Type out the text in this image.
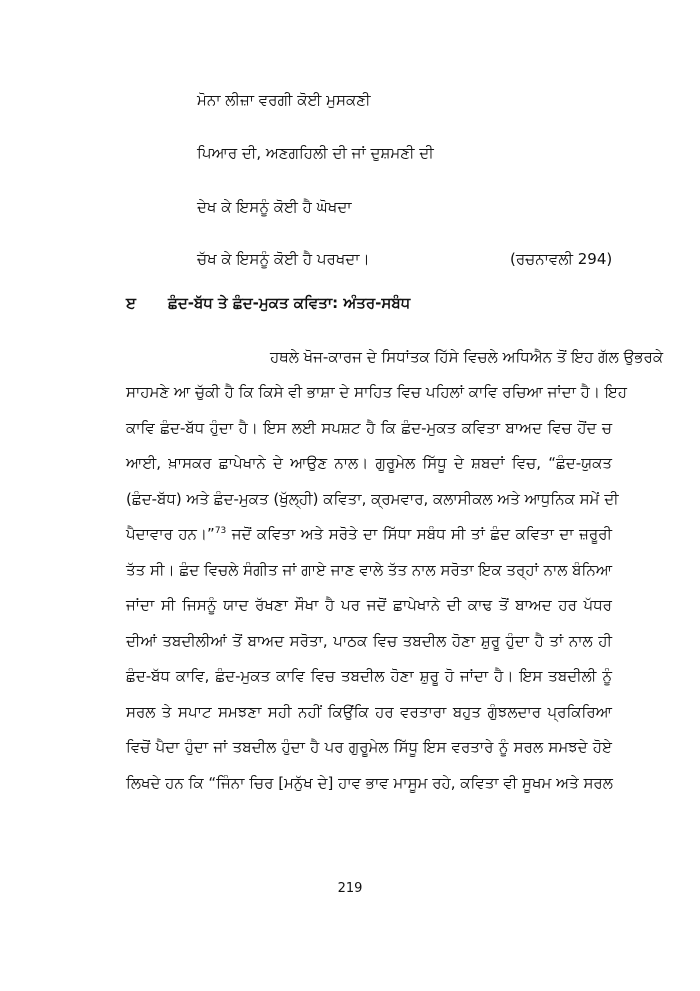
ਮੋਨਾ ਲੀਜ਼ਾ ਵਰਗੀ ਕੋਈ ਮੁਸਕਣੀ
ਪਿਆਰ ਦੀ, ਅਣਗਹਿਲੀ ਦੀ ਜਾਂ ਦੁਸ਼ਮਣੀ ਦੀ
ਦੇਖ ਕੇ ਇਸਨੂੰ ਕੋਈ ਹੈ ਘੋਖਦਾ
ਚੱਖ ਕੇ ਇਸਨੂੰ ਕੋਈ ਹੈ ਪਰਖਦਾ।	(ਰਚਨਾਵਲੀ 294)
ੲ ਛੰਦ-ਬੱਧ ਤੇ ਛੰਦ-ਮੁਕਤ ਕਵਿਤਾ: ਅੰਤਰ-ਸਬੰਧ
ਹਥਲੇ ਖੋਜ-ਕਾਰਜ ਦੇ ਸਿਧਾਂਤਕ ਹਿੱਸੇ ਵਿਚਲੇ ਅਧਿਐਨ ਤੋਂ ਇਹ ਗੱਲ ਉਭਰਕੇ
ਸਾਹਮਣੇ ਆ ਚੁੱਕੀ ਹੈ ਕਿ ਕਿਸੇ ਵੀ ਭਾਸ਼ਾ ਦੇ ਸਾਹਿਤ ਵਿਚ ਪਹਿਲਾਂ ਕਾਵਿ ਰਚਿਆ ਜਾਂਦਾ ਹੈ। ਇਹ
ਕਾਵਿ ਛੰਦ-ਬੱਧ ਹੁੰਦਾ ਹੈ। ਇਸ ਲਈ ਸਪਸ਼ਟ ਹੈ ਕਿ ਛੰਦ-ਮੁਕਤ ਕਵਿਤਾ ਬਾਅਦ ਵਿਚ ਹੋਂਦ ਚ
ਆਈ, ਖ਼ਾਸਕਰ ਛਾਪੇਖਾਨੇ ਦੇ ਆਉਣ ਨਾਲ। ਗੁਰੂਮੇਲ ਸਿੱਧੂ ਦੇ ਸ਼ਬਦਾਂ ਵਿਚ, “ਛੰਦ-ਯੁਕਤ
(ਛੰਦ-ਬੱਧ) ਅਤੇ ਛੰਦ-ਮੁਕਤ (ਖੁੱਲ੍ਹੀ) ਕਵਿਤਾ, ਕ੍ਰਮਵਾਰ, ਕਲਾਸੀਕਲ ਅਤੇ ਆਧੁਨਿਕ ਸਮੇਂ ਦੀ
ਪੈਦਾਵਾਰ ਹਨ।”$^{73}$ ਜਦੋਂ ਕਵਿਤਾ ਅਤੇ ਸਰੋਤੇ ਦਾ ਸਿੱਧਾ ਸਬੰਧ ਸੀ ਤਾਂ ਛੰਦ ਕਵਿਤਾ ਦਾ ਜ਼ਰੂਰੀ
ਤੱਤ ਸੀ। ਛੰਦ ਵਿਚਲੇ ਸੰਗੀਤ ਜਾਂ ਗਾਏ ਜਾਣ ਵਾਲੇ ਤੱਤ ਨਾਲ ਸਰੋਤਾ ਇਕ ਤਰ੍ਹਾਂ ਨਾਲ ਬੰਨਿਆ
ਜਾਂਦਾ ਸੀ ਜਿਸਨੂੰ ਯਾਦ ਰੱਖਣਾ ਸੌਖਾ ਹੈ ਪਰ ਜਦੋਂ ਛਾਪੇਖਾਨੇ ਦੀ ਕਾਢ ਤੋਂ ਬਾਅਦ ਹਰ ਪੱਧਰ
ਦੀਆਂ ਤਬਦੀਲੀਆਂ ਤੋਂ ਬਾਅਦ ਸਰੋਤਾ, ਪਾਠਕ ਵਿਚ ਤਬਦੀਲ ਹੋਣਾ ਸ਼ੁਰੂ ਹੁੰਦਾ ਹੈ ਤਾਂ ਨਾਲ ਹੀ
ਛੰਦ-ਬੱਧ ਕਾਵਿ, ਛੰਦ-ਮੁਕਤ ਕਾਵਿ ਵਿਚ ਤਬਦੀਲ ਹੋਣਾ ਸ਼ੁਰੂ ਹੋ ਜਾਂਦਾ ਹੈ। ਇਸ ਤਬਦੀਲੀ ਨੂੰ
ਸਰਲ ਤੇ ਸਪਾਟ ਸਮਝਣਾ ਸਹੀ ਨਹੀਂ ਕਿਉਂਕਿ ਹਰ ਵਰਤਾਰਾ ਬਹੁਤ ਗੁੰਝਲਦਾਰ ਪ੍ਰਕਿਰਿਆ
ਵਿਚੋਂ ਪੈਦਾ ਹੁੰਦਾ ਜਾਂ ਤਬਦੀਲ ਹੁੰਦਾ ਹੈ ਪਰ ਗੁਰੂਮੇਲ ਸਿੱਧੂ ਇਸ ਵਰਤਾਰੇ ਨੂੰ ਸਰਲ ਸਮਝਦੇ ਹੋਏ
ਲਿਖਦੇ ਹਨ ਕਿ “ਜਿੰਨਾ ਚਿਰ [ਮਨੁੱਖ ਦੇ] ਹਾਵ ਭਾਵ ਮਾਸੂਮ ਰਹੇ, ਕਵਿਤਾ ਵੀ ਸੂਖਮ ਅਤੇ ਸਰਲ
219
